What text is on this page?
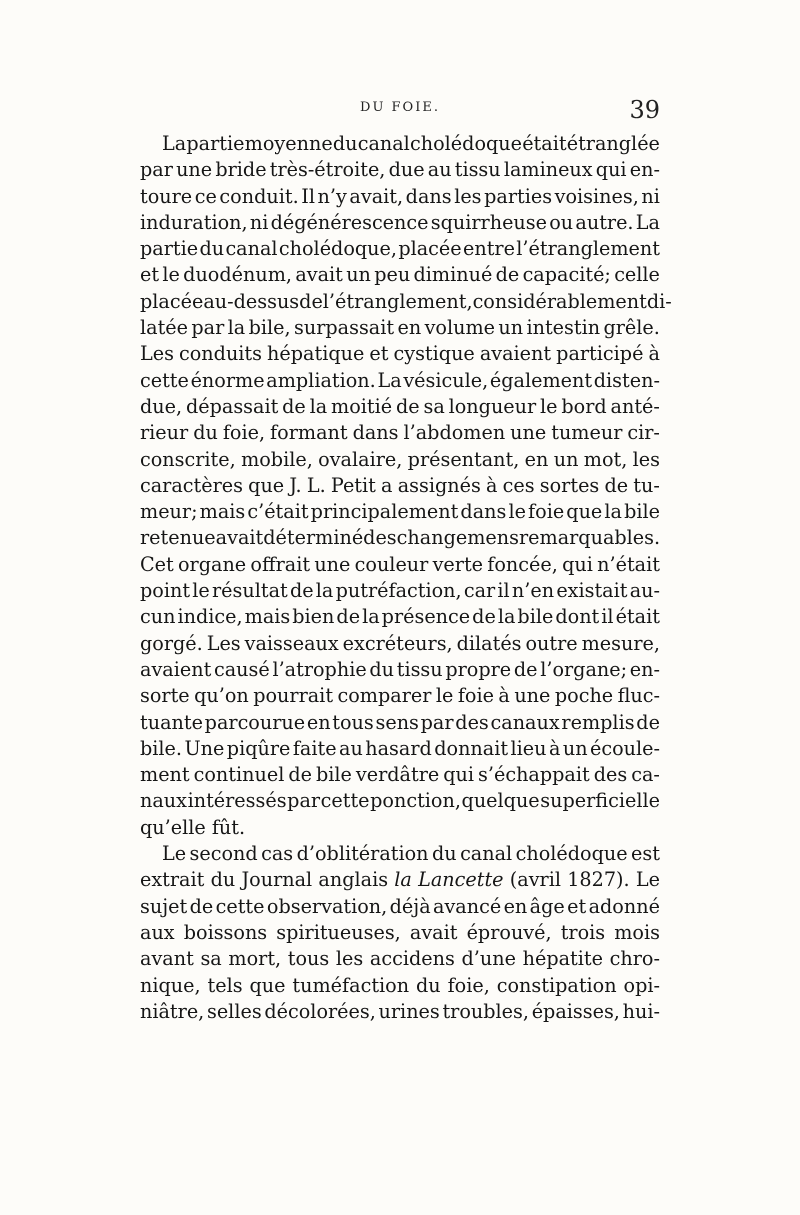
DU FOIE.	39
La partie moyenne du canal cholédoque était étranglée
par une bride très-étroite, due au tissu lamineux qui en-
toure ce conduit. Il n’y avait, dans les parties voisines, ni
induration, ni dégénérescence squirrheuse ou autre. La
partie du canal cholédoque, placée entre l’étranglement
et le duodénum, avait un peu diminué de capacité; celle
placée au-dessus de l’étranglement, considérablement di-
latée par la bile, surpassait en volume un intestin grêle.
Les conduits hépatique et cystique avaient participé à
cette énorme ampliation. La vésicule, également disten-
due, dépassait de la moitié de sa longueur le bord anté-
rieur du foie, formant dans l’abdomen une tumeur cir-
conscrite, mobile, ovalaire, présentant, en un mot, les
caractères que J. L. Petit a assignés à ces sortes de tu-
meur; mais c’était principalement dans le foie que la bile
retenue avait déterminé des changemens remarquables.
Cet organe offrait une couleur verte foncée, qui n’était
point le résultat de la putréfaction, car il n’en existait au-
cun indice, mais bien de la présence de la bile dont il était
gorgé. Les vaisseaux excréteurs, dilatés outre mesure,
avaient causé l’atrophie du tissu propre de l’organe; en-
sorte qu’on pourrait comparer le foie à une poche fluc-
tuante parcourue en tous sens par des canaux remplis de
bile. Une piqûre faite au hasard donnait lieu à un écoule-
ment continuel de bile verdâtre qui s’échappait des ca-
naux intéressés par cette ponction, quelque superficielle
qu’elle fût.
Le second cas d’oblitération du canal cholédoque est
extrait du Journal anglais la Lancette (avril 1827). Le
sujet de cette observation, déjà avancé en âge et adonné
aux boissons spiritueuses, avait éprouvé, trois mois
avant sa mort, tous les accidens d’une hépatite chro-
nique, tels que tuméfaction du foie, constipation opi-
niâtre, selles décolorées, urines troubles, épaisses, hui-
